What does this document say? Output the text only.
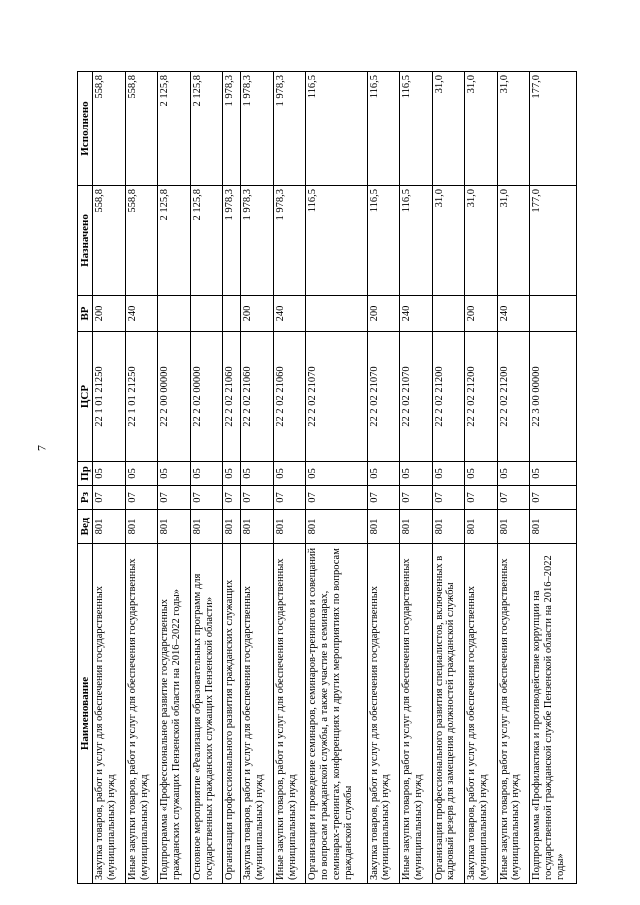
7
Наименование	Вед	Рз	Пр	ЦСР	ВР	Назначено	Исполнено
Закупка товаров, работ и услуг для обеспечения государственных (муниципальных) нужд	801	07	05	22 1 01 21250	200	558,8	558,8
Иные закупки товаров, работ и услуг для обеспечения государственных (муниципальных) нужд	801	07	05	22 1 01 21250	240	558,8	558,8
Подпрограмма «Профессиональное развитие государственных гражданских служащих Пензенской области на 2016–2022 годы»	801	07	05	22 2 00 00000		2 125,8	2 125,8
Основное мероприятие «Реализация образовательных программ для государственных гражданских служащих Пензенской области»	801	07	05	22 2 02 00000		2 125,8	2 125,8
Организация профессионального развития гражданских служащих	801	07	05	22 2 02 21060		1 978,3	1 978,3
Закупка товаров, работ и услуг для обеспечения государственных (муниципальных) нужд	801	07	05	22 2 02 21060	200	1 978,3	1 978,3
Иные закупки товаров, работ и услуг для обеспечения государственных (муниципальных) нужд	801	07	05	22 2 02 21060	240	1 978,3	1 978,3
Организация и проведение семинаров, семинаров-тренингов и совещаний по вопросам гражданской службы, а также участие в семинарах, семинарах-тренингах, конференциях и других мероприятиях по вопросам гражданской службы	801	07	05	22 2 02 21070		116,5	116,5
Закупка товаров, работ и услуг для обеспечения государственных (муниципальных) нужд	801	07	05	22 2 02 21070	200	116,5	116,5
Иные закупки товаров, работ и услуг для обеспечения государственных (муниципальных) нужд	801	07	05	22 2 02 21070	240	116,5	116,5
Организация профессионального развития специалистов, включенных в кадровый резерв для замещения должностей гражданской службы	801	07	05	22 2 02 21200		31,0	31,0
Закупка товаров, работ и услуг для обеспечения государственных (муниципальных) нужд	801	07	05	22 2 02 21200	200	31,0	31,0
Иные закупки товаров, работ и услуг для обеспечения государственных (муниципальных) нужд	801	07	05	22 2 02 21200	240	31,0	31,0
Подпрограмма «Профилактика и противодействие коррупции на государственной гражданской службе Пензенской области на 2016–2022 годы»	801	07	05	22 3 00 00000		177,0	177,0
